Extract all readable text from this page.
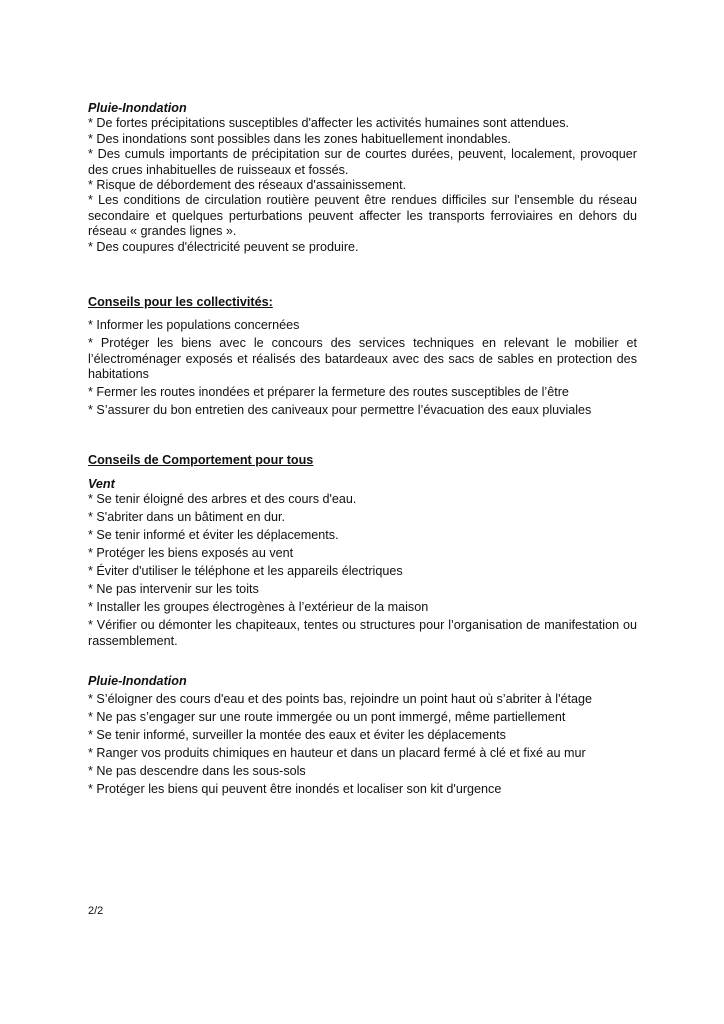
Pluie-Inondation

* De fortes précipitations susceptibles d'affecter les activités humaines sont attendues.

* Des inondations sont possibles dans les zones habituellement inondables.

* Des cumuls importants de précipitation sur de courtes durées, peuvent, localement, provoquer des crues inhabituelles de ruisseaux et fossés.

* Risque de débordement des réseaux d'assainissement.

* Les conditions de circulation routière peuvent être rendues difficiles sur l'ensemble du réseau secondaire et quelques perturbations peuvent affecter les transports ferroviaires en dehors du réseau « grandes lignes ».

* Des coupures d'électricité peuvent se produire.

Conseils pour les collectivités:

* Informer les populations concernées

* Protéger les biens avec le concours des services techniques en relevant le mobilier et l’électroménager exposés et réalisés des batardeaux avec des sacs de sables en protection des habitations

* Fermer les routes inondées et préparer la fermeture des routes susceptibles de l’être

* S’assurer du bon entretien des caniveaux pour permettre l’évacuation des eaux pluviales

Conseils de Comportement pour tous

Vent

* Se tenir éloigné des arbres et des cours d'eau.

* S'abriter dans un bâtiment en dur.

* Se tenir informé et éviter les déplacements.

* Protéger les biens exposés au vent

* Éviter d'utiliser le téléphone et les appareils électriques

* Ne pas intervenir sur les toits

* Installer les groupes électrogènes à l’extérieur de la maison

* Vérifier ou démonter les chapiteaux, tentes ou structures pour l’organisation de manifestation ou rassemblement.

Pluie-Inondation

* S’éloigner des cours d'eau et des points bas, rejoindre un point haut où s’abriter à l'étage

* Ne pas s’engager sur une route immergée ou un pont immergé, même partiellement

* Se tenir informé, surveiller la montée des eaux et éviter les déplacements

* Ranger vos produits chimiques en hauteur et dans un placard fermé à clé et fixé au mur

* Ne pas descendre dans les sous-sols

* Protéger les biens qui peuvent être inondés et localiser son kit d'urgence

2/2
